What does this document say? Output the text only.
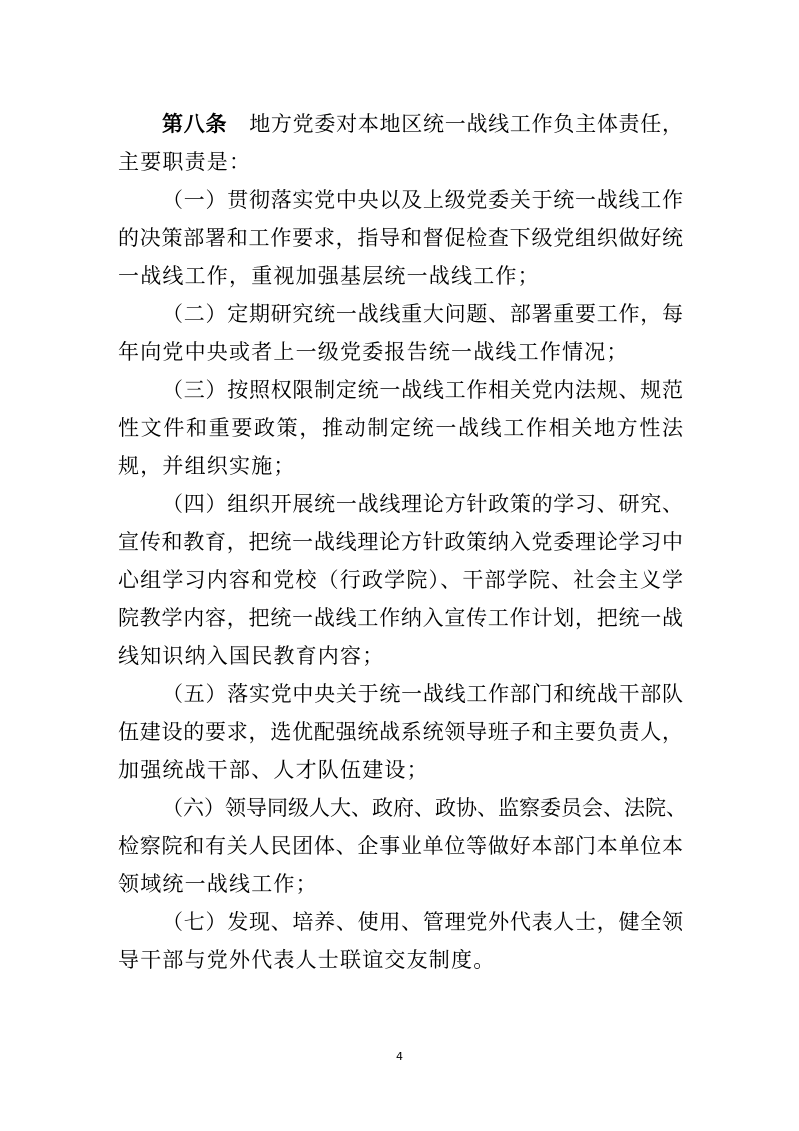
第八条 地方党委对本地区统一战线工作负主体责任，
主要职责是：
（一）贯彻落实党中央以及上级党委关于统一战线工作
的决策部署和工作要求，指导和督促检查下级党组织做好统
一战线工作，重视加强基层统一战线工作；
（二）定期研究统一战线重大问题、部署重要工作，每
年向党中央或者上一级党委报告统一战线工作情况；
（三）按照权限制定统一战线工作相关党内法规、规范
性文件和重要政策，推动制定统一战线工作相关地方性法
规，并组织实施；
（四）组织开展统一战线理论方针政策的学习、研究、
宣传和教育，把统一战线理论方针政策纳入党委理论学习中
心组学习内容和党校（行政学院）、干部学院、社会主义学
院教学内容，把统一战线工作纳入宣传工作计划，把统一战
线知识纳入国民教育内容；
（五）落实党中央关于统一战线工作部门和统战干部队
伍建设的要求，选优配强统战系统领导班子和主要负责人，
加强统战干部、人才队伍建设；
（六）领导同级人大、政府、政协、监察委员会、法院、
检察院和有关人民团体、企事业单位等做好本部门本单位本
领域统一战线工作；
（七）发现、培养、使用、管理党外代表人士，健全领
导干部与党外代表人士联谊交友制度。
4
